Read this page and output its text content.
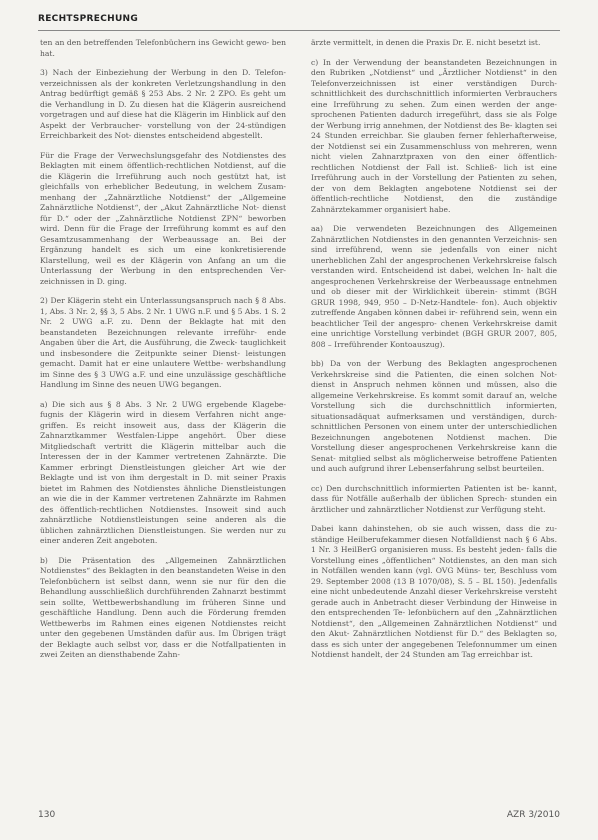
RECHTSPRECHUNG

ten an den betreffenden Telefonbüchern ins Gewicht gewo- ben hat.

3) Nach der Einbeziehung der Werbung in den D. Telefon- verzeichnissen als der konkreten Verletzungshandlung in den Antrag bedürftigt gemäß § 253 Abs. 2 Nr. 2 ZPO. Es geht um die Verhandlung in D. Zu diesen hat die Klägerin ausreichend vorgetragen und auf diese hat die Klägerin im Hinblick auf den Aspekt der Verbraucher- vorstellung von der 24-stündigen Erreichbarkeit des Not- dienstes entscheidend abgestellt.

Für die Frage der Verwechslungsgefahr des Notdienstes des Beklagten mit einem öffentlich-rechtlichen Notdienst, auf die die Klägerin die Irreführung auch noch gestützt hat, ist gleichfalls von erheblicher Bedeutung, in welchem Zusam- menhang der „Zahnärztliche Notdienst“ der „Allgemeine Zahnärztliche Notdienst“, der „Akut Zahnärztliche Not- dienst für D.“ oder der „Zahnärztliche Notdienst ZPN“ beworben wird. Denn für die Frage der Irreführung kommt es auf den Gesamtzusammenhang der Werbeaussage an. Bei der Ergänzung handelt es sich um eine konkretisierende Klarstellung, weil es der Klägerin von Anfang an um die Unterlassung der Werbung in den entsprechenden Ver- zeichnissen in D. ging.

2) Der Klägerin steht ein Unterlassungsanspruch nach § 8 Abs. 1, Abs. 3 Nr. 2, §§ 3, 5 Abs. 2 Nr. 1 UWG n.F. und § 5 Abs. 1 S. 2 Nr. 2 UWG a.F. zu. Denn der Beklagte hat mit den beanstandeten Bezeichnungen relevante irreführ- ende Angaben über die Art, die Ausführung, die Zweck- tauglichkeit und insbesondere die Zeitpunkte seiner Dienst- leistungen gemacht. Damit hat er eine unlautere Wettbe- werbshandlung im Sinne des § 3 UWG a.F. und eine unzulässige geschäftliche Handlung im Sinne des neuen UWG begangen.

a) Die sich aus § 8 Abs. 3 Nr. 2 UWG ergebende Klagebe- fugnis der Klägerin wird in diesem Verfahren nicht ange- griffen. Es reicht insoweit aus, dass der Klägerin die Zahnarztkammer Westfalen-Lippe angehört. Über diese Mitgliedschaft vertritt die Klägerin mittelbar auch die Interessen der in der Kammer vertretenen Zahnärzte. Die Kammer erbringt Dienstleistungen gleicher Art wie der Beklagte und ist von ihm dergestalt in D. mit seiner Praxis bietet im Rahmen des Notdienstes ähnliche Dienstleistungen an wie die in der Kammer vertretenen Zahnärzte im Rahmen des öffentlich-rechtlichen Notdienstes. Insoweit sind auch zahnärztliche Notdienstleistungen seine anderen als die üblichen zahnärztlichen Dienstleistungen. Sie werden nur zu einer anderen Zeit angeboten.

b) Die Präsentation des „Allgemeinen Zahnärztlichen Notdienstes“ des Beklagten in den beanstandeten Weise in den Telefonbüchern ist selbst dann, wenn sie nur für den die Behandlung ausschließlich durchführenden Zahnarzt bestimmt sein sollte, Wettbewerbshandlung im früheren Sinne und geschäftliche Handlung. Denn auch die Förderung fremden Wettbewerbs im Rahmen eines eigenen Notdienstes reicht unter den gegebenen Umständen dafür aus. Im Übrigen trägt der Beklagte auch selbst vor, dass er die Notfallpatienten in zwei Zeiten an diensthabende Zahn-

ärzte vermittelt, in denen die Praxis Dr. E. nicht besetzt ist.

c) In der Verwendung der beanstandeten Bezeichnungen in den Rubriken „Notdienst“ und „Ärztlicher Notdienst“ in den Telefonverzeichnissen ist einer verständigen Durch- schnittlichkeit des durchschnittlich informierten Verbrauchers eine Irreführung zu sehen. Zum einen werden der ange- sprochenen Patienten dadurch irregeführt, dass sie als Folge der Werbung irrig annehmen, der Notdienst des Be- klagten sei 24 Stunden erreichbar. Sie glauben ferner fehlerhafterweise, der Notdienst sei ein Zusammenschluss von mehreren, wenn nicht vielen Zahnarztpraxen von den einer öffentlich-rechtlichen Notdienst der Fall ist. Schließ- lich ist eine Irreführung auch in der Vorstellung der Patienten zu sehen, der von dem Beklagten angebotene Notdienst sei der öffentlich-rechtliche Notdienst, den die zuständige Zahnärztekammer organisiert habe.

aa) Die verwendeten Bezeichnungen des Allgemeinen Zahnärztlichen Notdienstes in den genannten Verzeichnis- sen sind irreführend, wenn sie jedenfalls von einer nicht unerheblichen Zahl der angesprochenen Verkehrskreise falsch verstanden wird. Entscheidend ist dabei, welchen In- halt die angesprochenen Verkehrskreise der Werbeaussage entnehmen und ob dieser mit der Wirklichkeit überein- stimmt (BGH GRUR 1998, 949, 950 – D-Netz-Handtele- fon). Auch objektiv zutreffende Angaben können dabei ir- reführend sein, wenn ein beachtlicher Teil der angespro- chenen Verkehrskreise damit eine unrichtige Vorstellung verbindet (BGH GRUR 2007, 805, 808 – Irreführender Kontoauszug).

bb) Da von der Werbung des Beklagten angesprochenen Verkehrskreise sind die Patienten, die einen solchen Not- dienst in Anspruch nehmen können und müssen, also die allgemeine Verkehrskreise. Es kommt somit darauf an, welche Vorstellung sich die durchschnittlich informierten, situationsadäquat aufmerksamen und verständigen, durch- schnittlichen Personen von einem unter der unterschiedlichen Bezeichnungen angebotenen Notdienst machen. Die Vorstellung dieser angesprochenen Verkehrskreise kann die Senat- mitglied selbst als möglicherweise betroffene Patienten und auch aufgrund ihrer Lebenserfahrung selbst beurteilen.

cc) Den durchschnittlich informierten Patienten ist be- kannt, dass für Notfälle außerhalb der üblichen Sprech- stunden ein ärztlicher und zahnärztlicher Notdienst zur Verfügung steht.

Dabei kann dahinstehen, ob sie auch wissen, dass die zu- ständige Heilberufekammer diesen Notfalldienst nach § 6 Abs. 1 Nr. 3 HeilBerG organisieren muss. Es besteht jeden- falls die Vorstellung eines „öffentlichen“ Notdienstes, an den man sich in Notfällen wenden kann (vgl. OVG Müns- ter, Beschluss vom 29. September 2008 (13 B 1070/08), S. 5 – BL 150). Jedenfalls eine nicht unbedeutende Anzahl dieser Verkehrskreise versteht gerade auch in Anbetracht dieser Verbindung der Hinweise in den entsprechenden Te- lefonbüchern auf den „Zahnärztlichen Notdienst“, den „Allgemeinen Zahnärztlichen Notdienst“ und den Akut- Zahnärztlichen Notdienst für D.“ des Beklagten so, dass es sich unter der angegebenen Telefonnummer um einen Notdienst handelt, der 24 Stunden am Tag erreichbar ist.

130	AZR 3/2010
